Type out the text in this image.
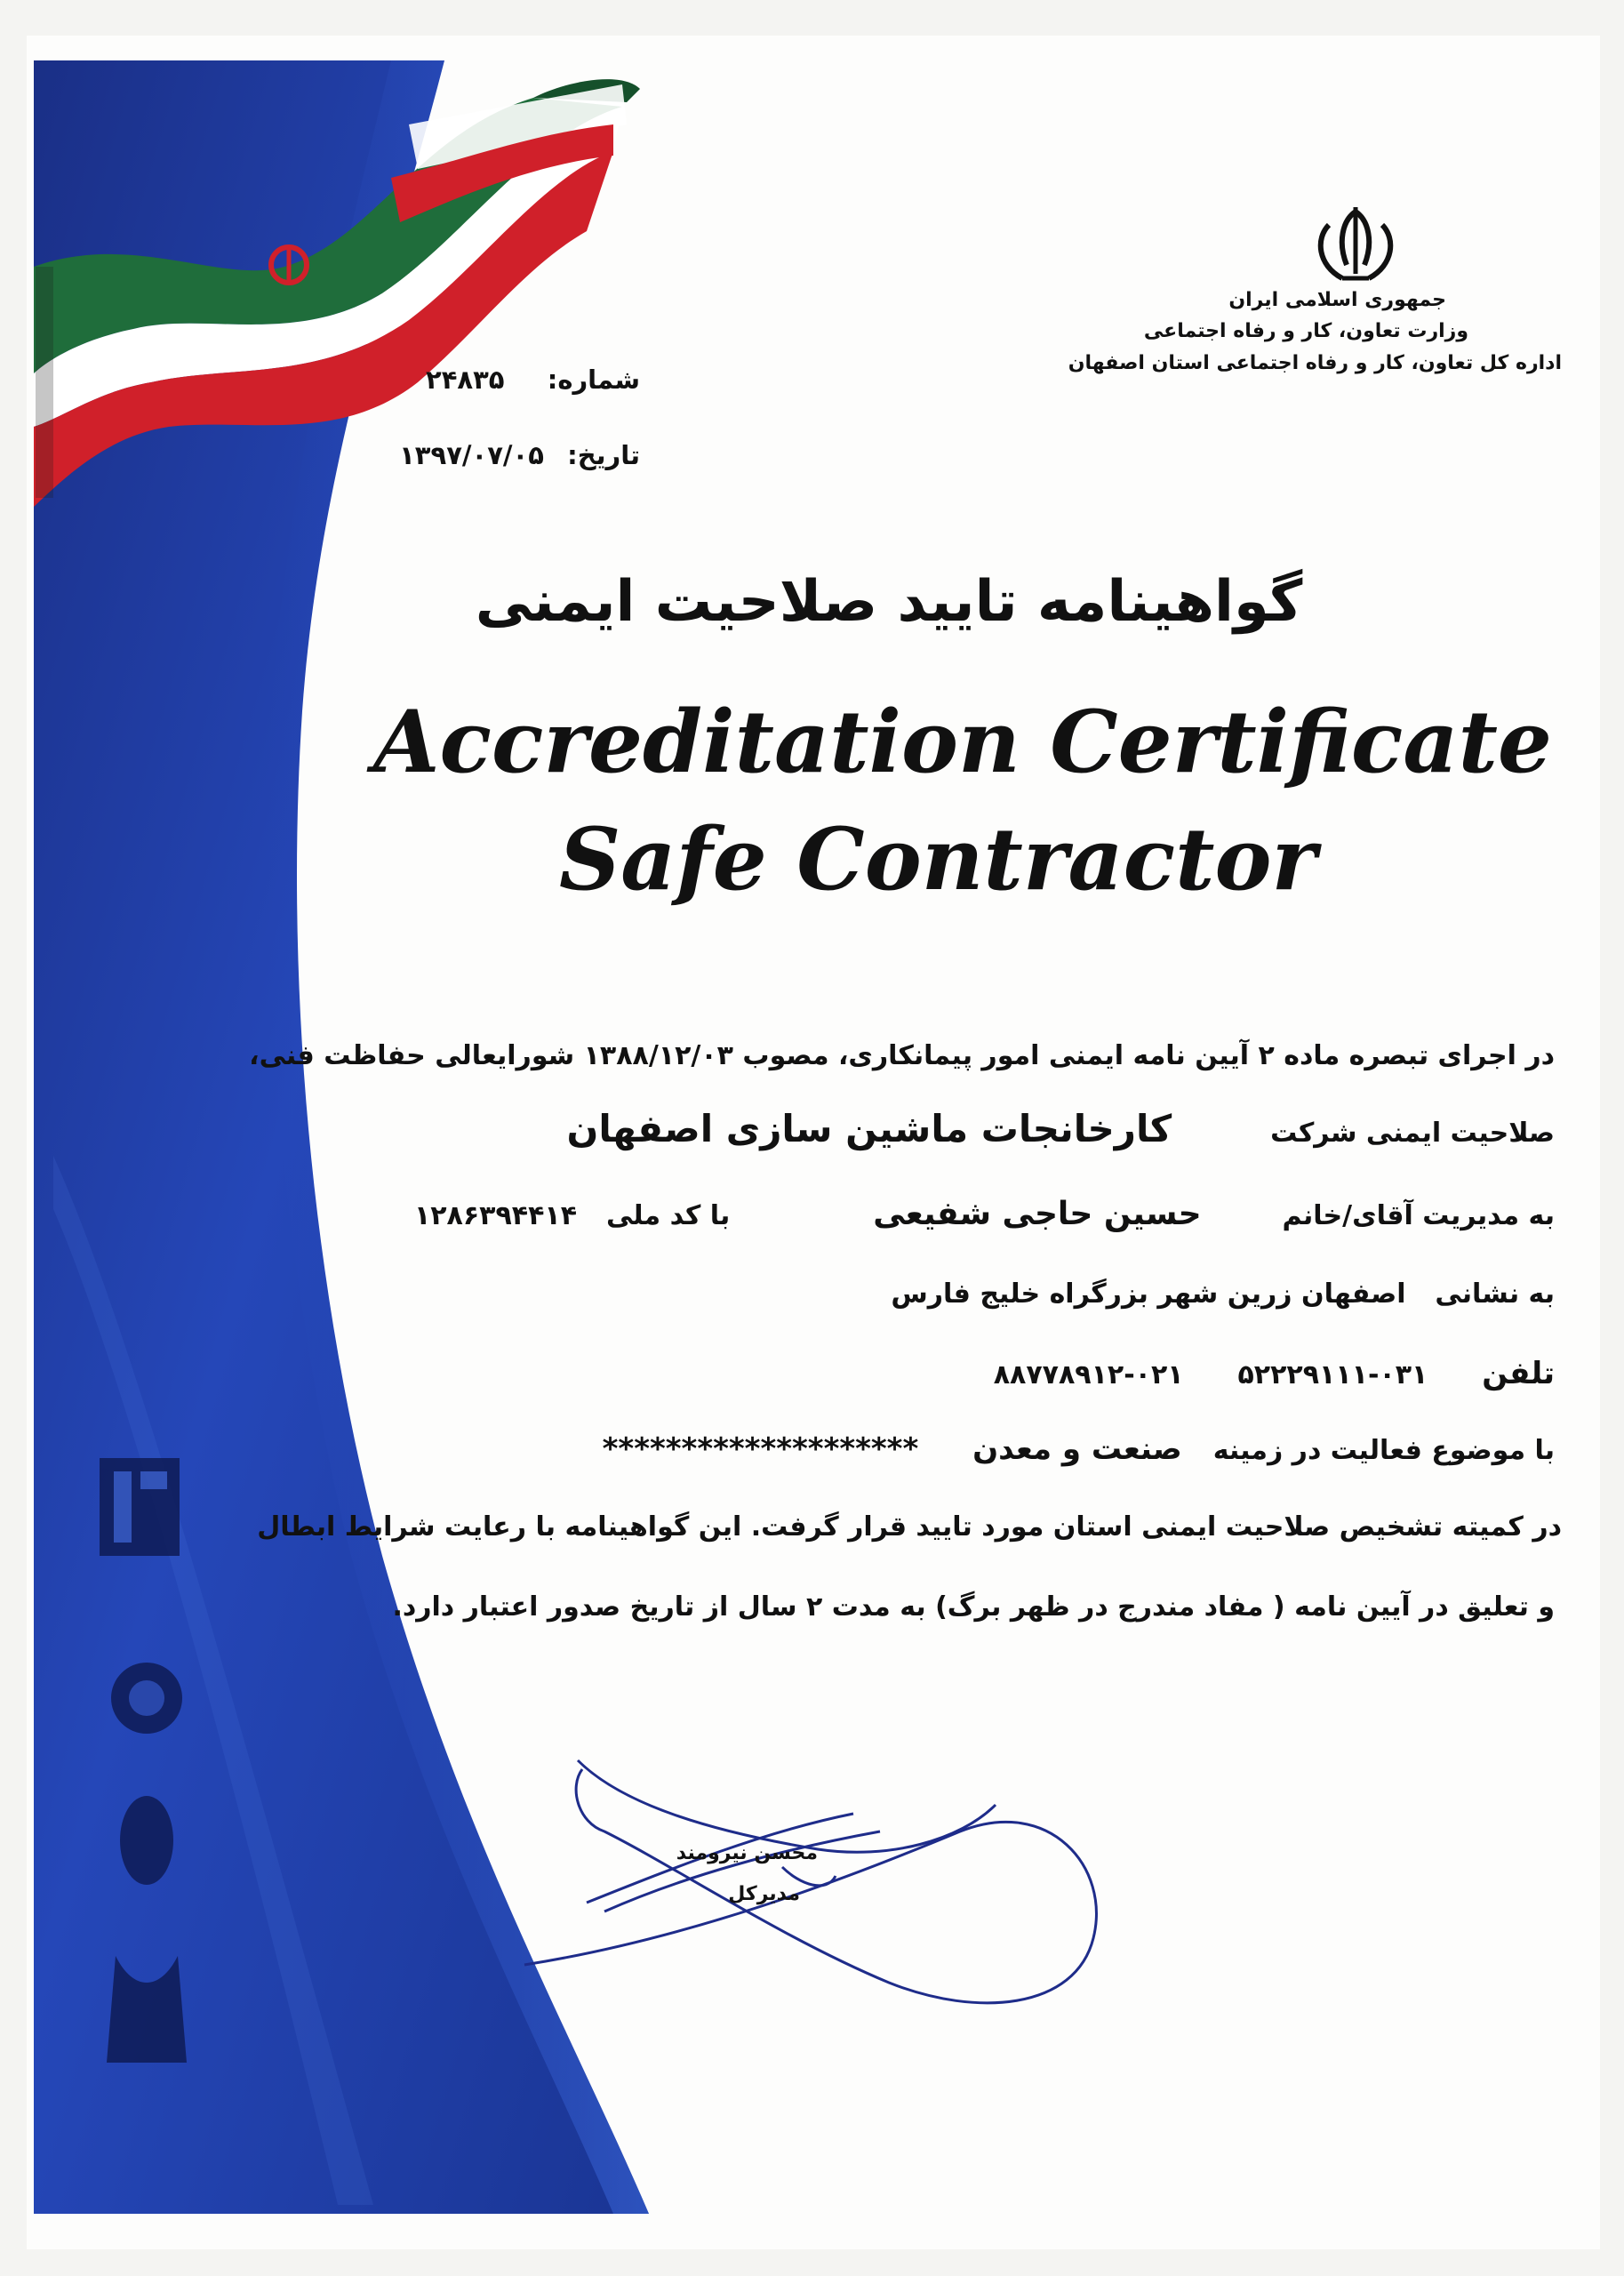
جمهوری اسلامی ایران
وزارت تعاون، کار و رفاه اجتماعی
اداره کل تعاون، کار و رفاه اجتماعی استان اصفهان
شماره:  ۲۴۸۳۵
تاریخ:  ۱۳۹۷/۰۷/۰۵
گواهینامه تایید صلاحیت ایمنی
Accreditation Certificate
Safe Contractor
در اجرای تبصره ماده ۲ آیین نامه ایمنی امور پیمانکاری، مصوب ۱۳۸۸/۱۲/۰۳ شورایعالی حفاظت فنی،
صلاحیت ایمنی شرکت  کارخانجات ماشین سازی اصفهان
به مدیریت آقای/خانم  حسین حاجی شفیعی  با کد ملی  ۱۲۸۶۳۹۴۴۱۴
به نشانی  اصفهان زرین شهر بزرگراه خلیج فارس
تلفن  ۰۳۱-۵۲۲۲۹۱۱۱  ۰۲۱-۸۸۷۷۸۹۱۲
با موضوع فعالیت در زمینه  صنعت و معدن  ********************
در کمیته تشخیص صلاحیت ایمنی استان مورد تایید قرار گرفت. این گواهینامه با رعایت شرایط ابطال
و تعلیق در آیین نامه ( مفاد مندرج در ظهر برگ) به مدت ۲ سال از تاریخ صدور اعتبار دارد.
محسن نیرومند
مدیرکل
